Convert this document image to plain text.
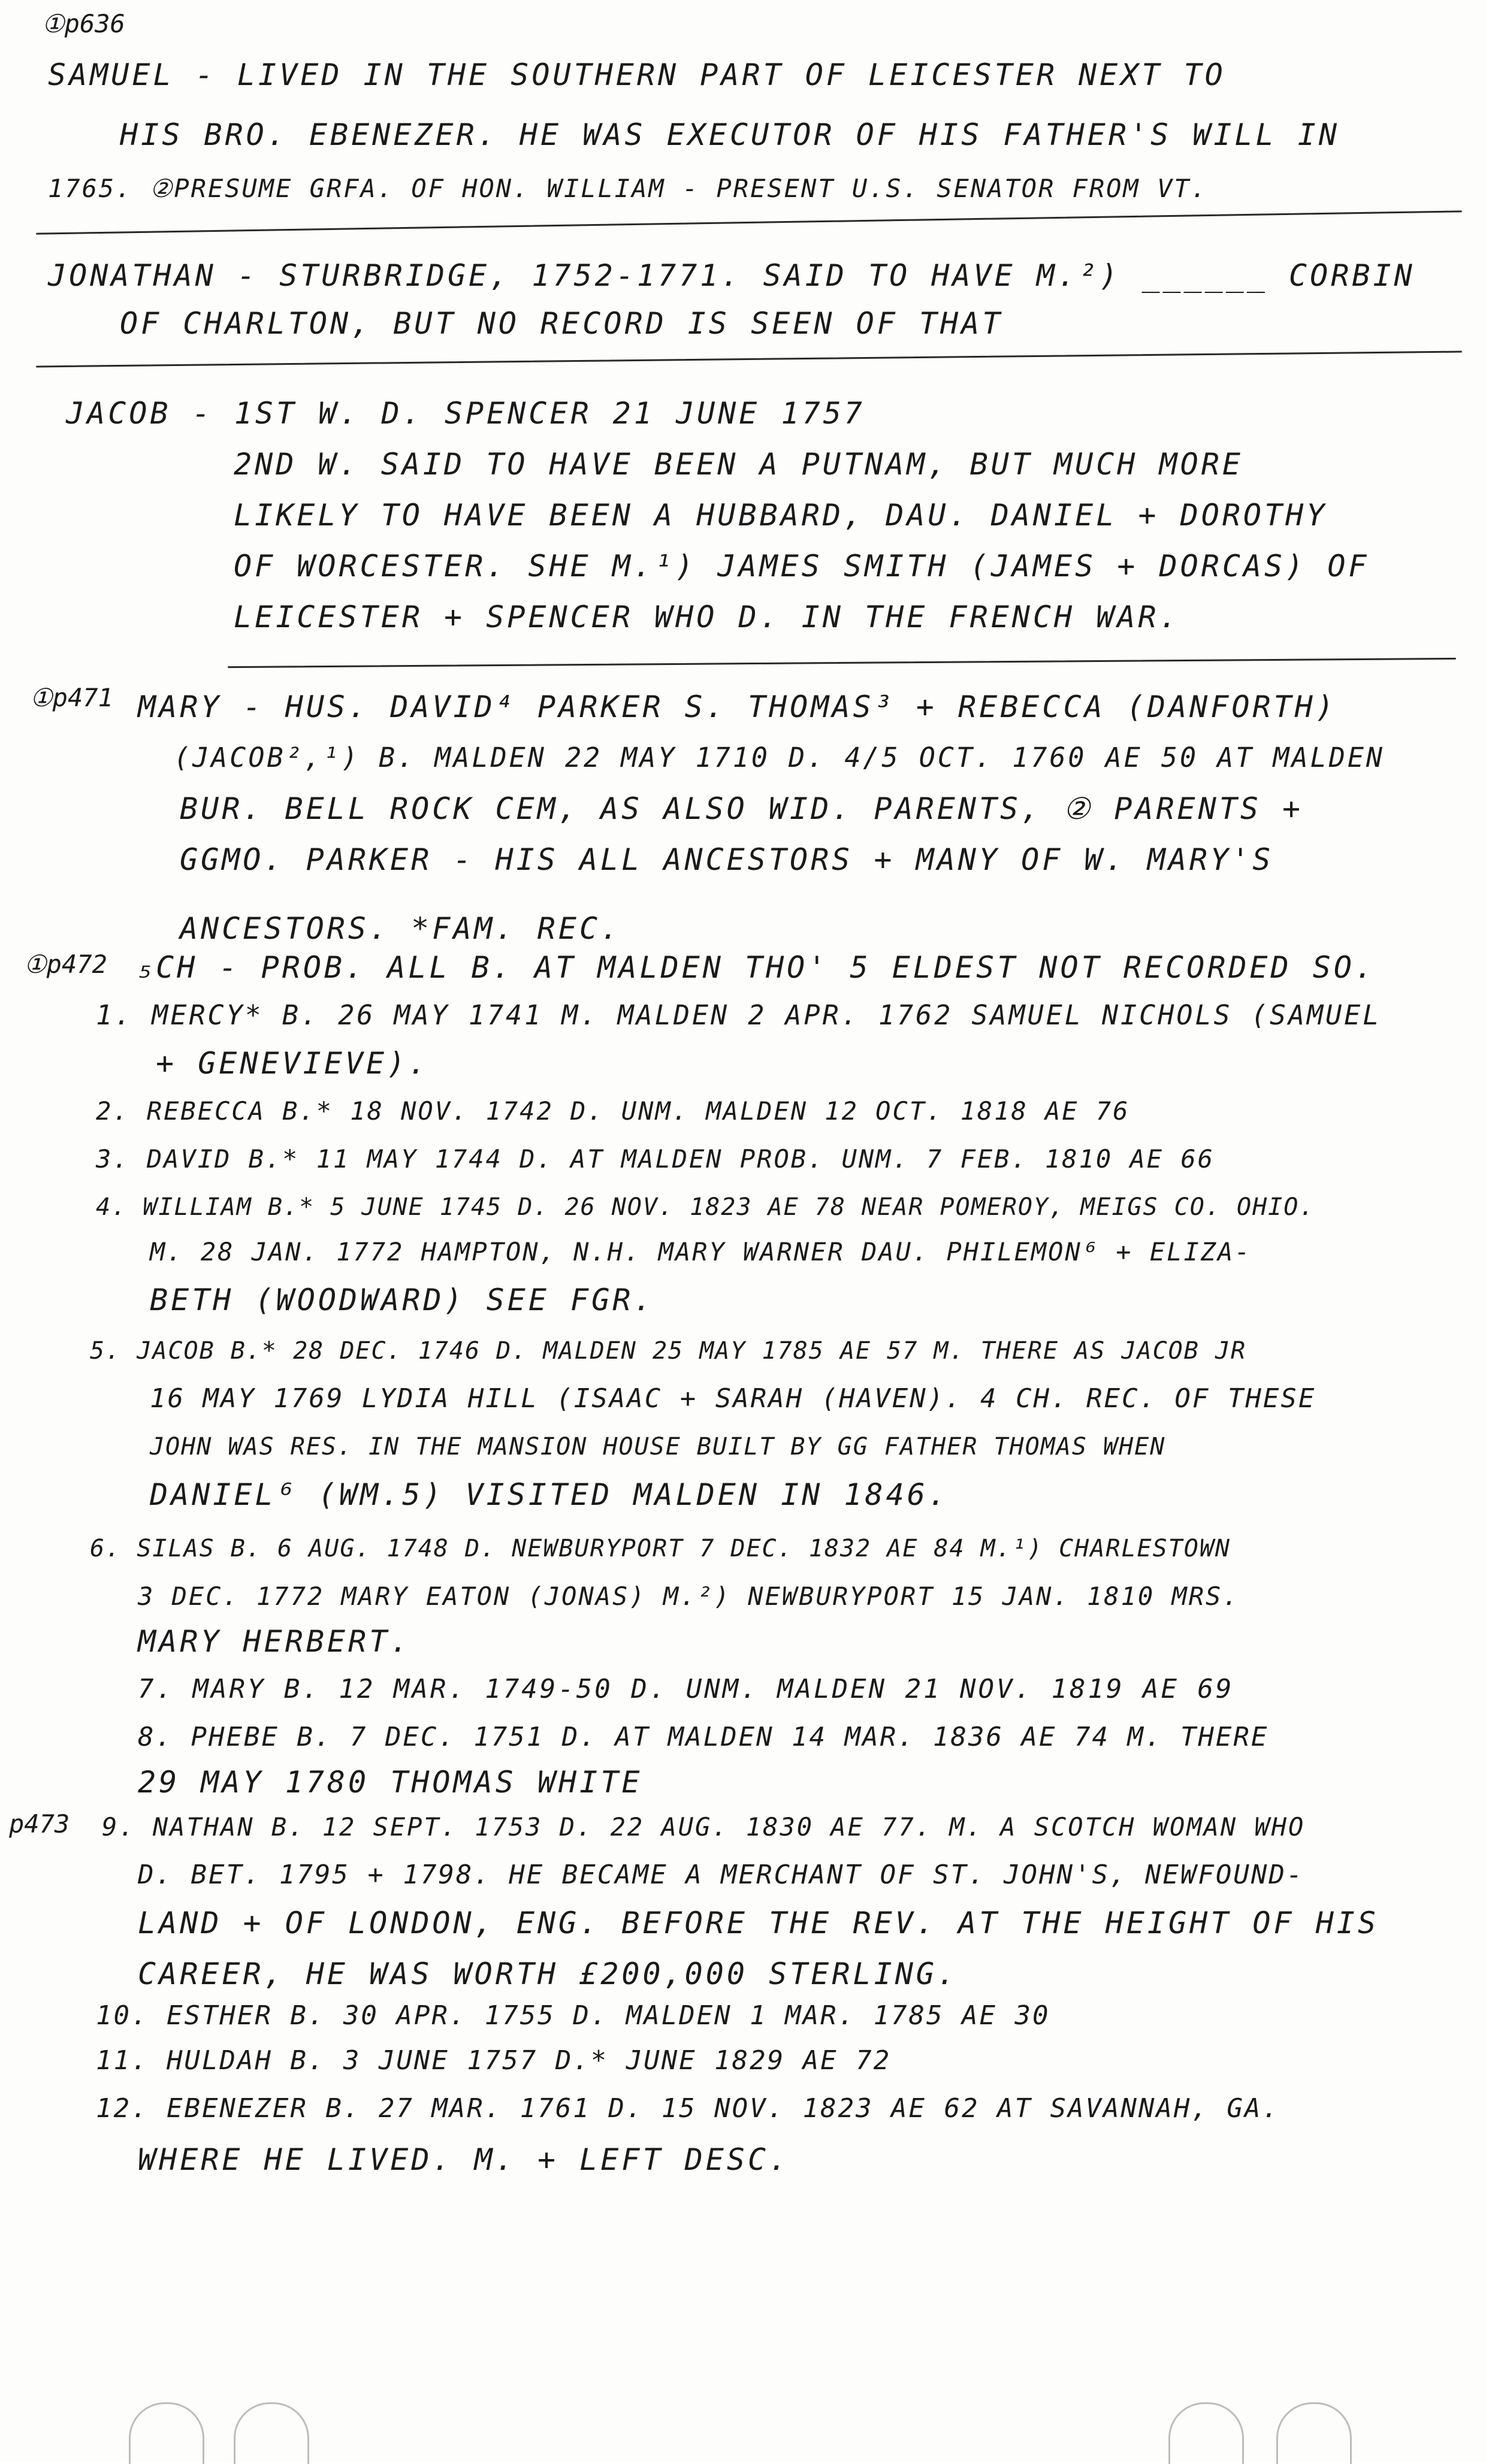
①p636
SAMUEL - LIVED IN THE SOUTHERN PART OF LEICESTER NEXT TO
HIS BRO. EBENEZER. HE WAS EXECUTOR OF HIS FATHER'S WILL IN
1765. ②PRESUME GRFA. OF HON. WILLIAM - PRESENT U.S. SENATOR FROM VT.
JONATHAN - STURBRIDGE, 1752-1771. SAID TO HAVE M.²) ______ CORBIN
OF CHARLTON, BUT NO RECORD IS SEEN OF THAT
JACOB - 1ST W. D. SPENCER 21 JUNE 1757
2ND W. SAID TO HAVE BEEN A PUTNAM, BUT MUCH MORE
LIKELY TO HAVE BEEN A HUBBARD, DAU. DANIEL + DOROTHY
OF WORCESTER. SHE M.¹) JAMES SMITH (JAMES + DORCAS) OF
LEICESTER + SPENCER WHO D. IN THE FRENCH WAR.
①p471 MARY - HUS. DAVID⁴ PARKER S. THOMAS³ + REBECCA (DANFORTH)
(JACOB²,¹) B. MALDEN 22 MAY 1710 D. 4/5 OCT. 1760 AE 50 AT MALDEN
BUR. BELL ROCK CEM, AS ALSO WID. PARENTS, ② PARENTS +
GGMO. PARKER - HIS ALL ANCESTORS + MANY OF W. MARY'S
ANCESTORS. *FAM. REC.
①p472 ₅CH - PROB. ALL B. AT MALDEN THO' 5 ELDEST NOT RECORDED SO.
1. MERCY* B. 26 MAY 1741 M. MALDEN 2 APR. 1762 SAMUEL NICHOLS (SAMUEL
+ GENEVIEVE).
2. REBECCA B.* 18 NOV. 1742 D. UNM. MALDEN 12 OCT. 1818 AE 76
3. DAVID B.* 11 MAY 1744 D. AT MALDEN PROB. UNM. 7 FEB. 1810 AE 66
4. WILLIAM B.* 5 JUNE 1745 D. 26 NOV. 1823 AE 78 NEAR POMEROY, MEIGS CO. OHIO.
M. 28 JAN. 1772 HAMPTON, N.H. MARY WARNER DAU. PHILEMON⁶ + ELIZA-
BETH (WOODWARD) SEE FGR.
5. JACOB B.* 28 DEC. 1746 D. MALDEN 25 MAY 1785 AE 57 M. THERE AS JACOB JR
16 MAY 1769 LYDIA HILL (ISAAC + SARAH (HAVEN). 4 CH. REC. OF THESE
JOHN WAS RES. IN THE MANSION HOUSE BUILT BY GG FATHER THOMAS WHEN
DANIEL⁶ (WM.5) VISITED MALDEN IN 1846.
6. SILAS B. 6 AUG. 1748 D. NEWBURYPORT 7 DEC. 1832 AE 84 M.¹) CHARLESTOWN
3 DEC. 1772 MARY EATON (JONAS) M.²) NEWBURYPORT 15 JAN. 1810 MRS.
MARY HERBERT.
7. MARY B. 12 MAR. 1749-50 D. UNM. MALDEN 21 NOV. 1819 AE 69
8. PHEBE B. 7 DEC. 1751 D. AT MALDEN 14 MAR. 1836 AE 74 M. THERE
29 MAY 1780 THOMAS WHITE
p473 9. NATHAN B. 12 SEPT. 1753 D. 22 AUG. 1830 AE 77. M. A SCOTCH WOMAN WHO
D. BET. 1795 + 1798. HE BECAME A MERCHANT OF ST. JOHN'S, NEWFOUND-
LAND + OF LONDON, ENG. BEFORE THE REV. AT THE HEIGHT OF HIS
CAREER, HE WAS WORTH £200,000 STERLING.
10. ESTHER B. 30 APR. 1755 D. MALDEN 1 MAR. 1785 AE 30
11. HULDAH B. 3 JUNE 1757 D.* JUNE 1829 AE 72
12. EBENEZER B. 27 MAR. 1761 D. 15 NOV. 1823 AE 62 AT SAVANNAH, GA.
WHERE HE LIVED. M. + LEFT DESC.
